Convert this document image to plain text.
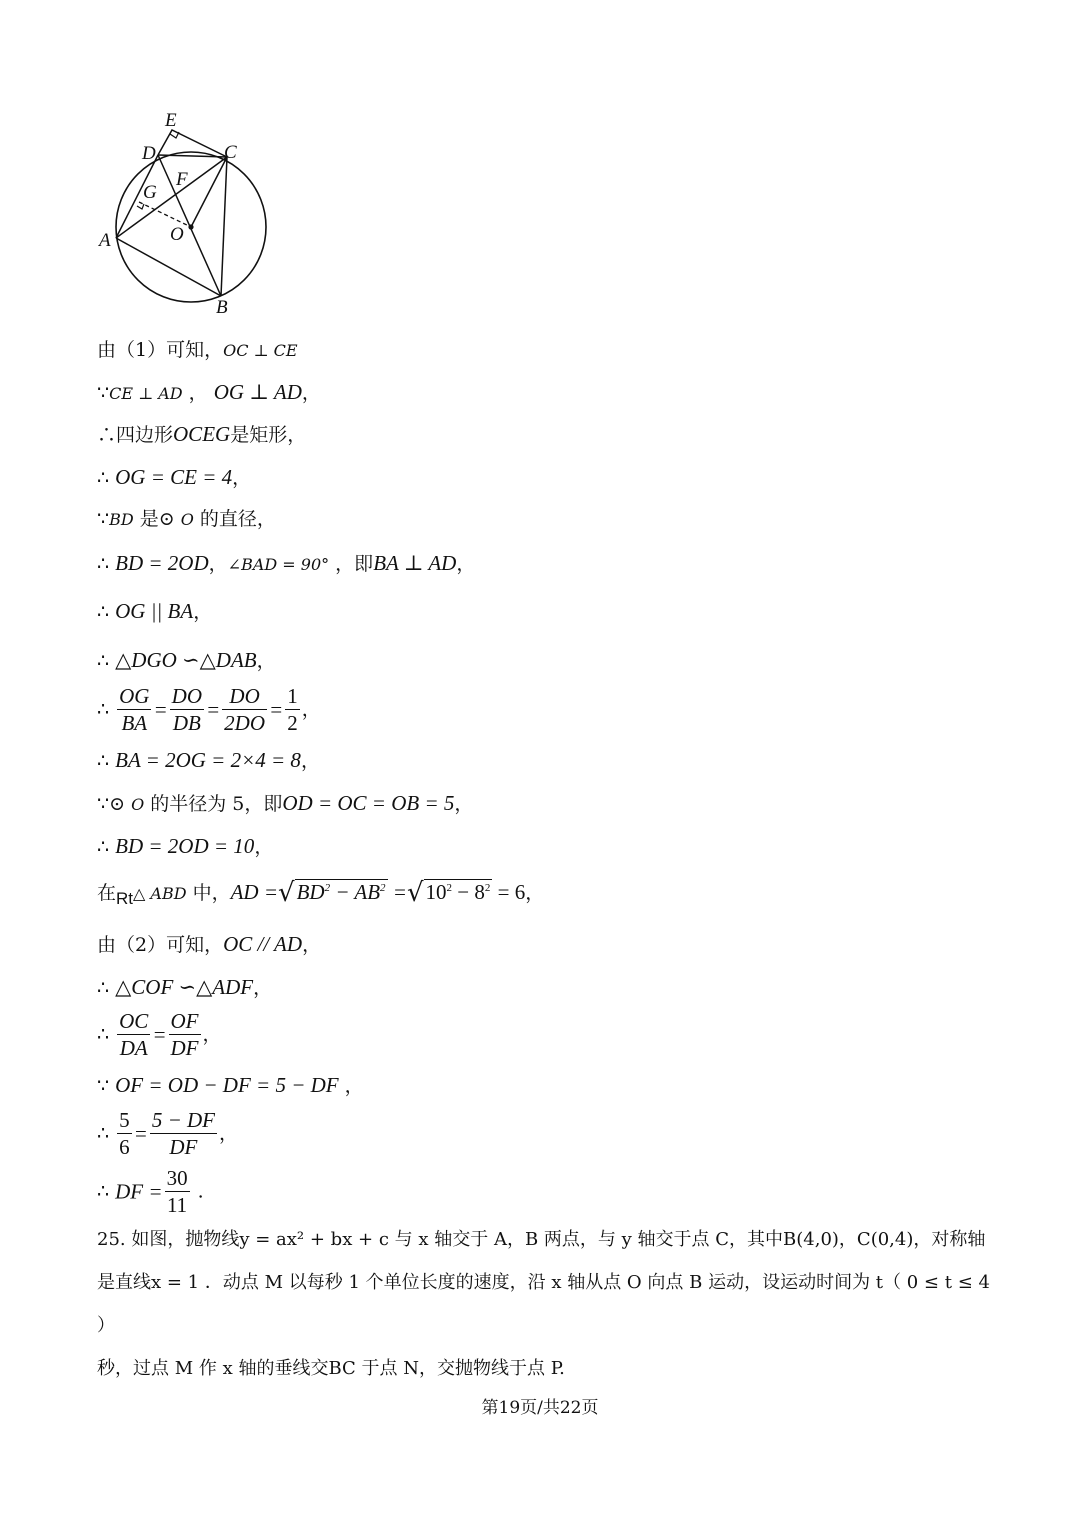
E
D	C
F
G
A	O
B
由（1）可知，OC ⊥ CE
∵CE ⊥ AD ， OG ⊥ AD，
∴四边形OCEG是矩形，
∴ OG = CE = 4，
∵BD 是⊙ O 的直径，
∴ BD = 2OD，∠BAD = 90° ，即BA ⊥ AD，
∴ OG || BA，
∴ △DGO ∽△DAB，
∴ $\frac{OG}{BA} = \frac{DO}{DB} = \frac{DO}{2DO} = \frac{1}{2}$ ，
∴ BA = 2OG = 2×4 = 8，
∵⊙ O 的半径为 5，即OD = OC = OB = 5，
∴ BD = 2OD = 10，
在Rt△ ABD 中，AD $=√BD^2 - AB^2 =√10^2 - 8^2 = 6$，
由（2）可知，OC // AD，
∴ △COF ∽△ADF，
∴ $\frac{OC}{DA} = \frac{OF}{DF}$ ，
∵ OF = OD − DF = 5 − DF ，
∴ $\frac{5}{6} = \frac{5 - DF}{DF}$ ，
∴ DF = $\frac{30}{11}$ .
25. 如图，抛物线y = ax² + bx + c 与 x 轴交于 A，B 两点，与 y 轴交于点 C，其中B(4,0)，C(0,4)，对称轴
是直线x = 1 ．动点 M 以每秒 1 个单位长度的速度，沿 x 轴从点 O 向点 B 运动，设运动时间为 t（ 0 ≤ t ≤ 4 ）
秒，过点 M 作 x 轴的垂线交BC 于点 N，交抛物线于点 P.
第19页/共22页
